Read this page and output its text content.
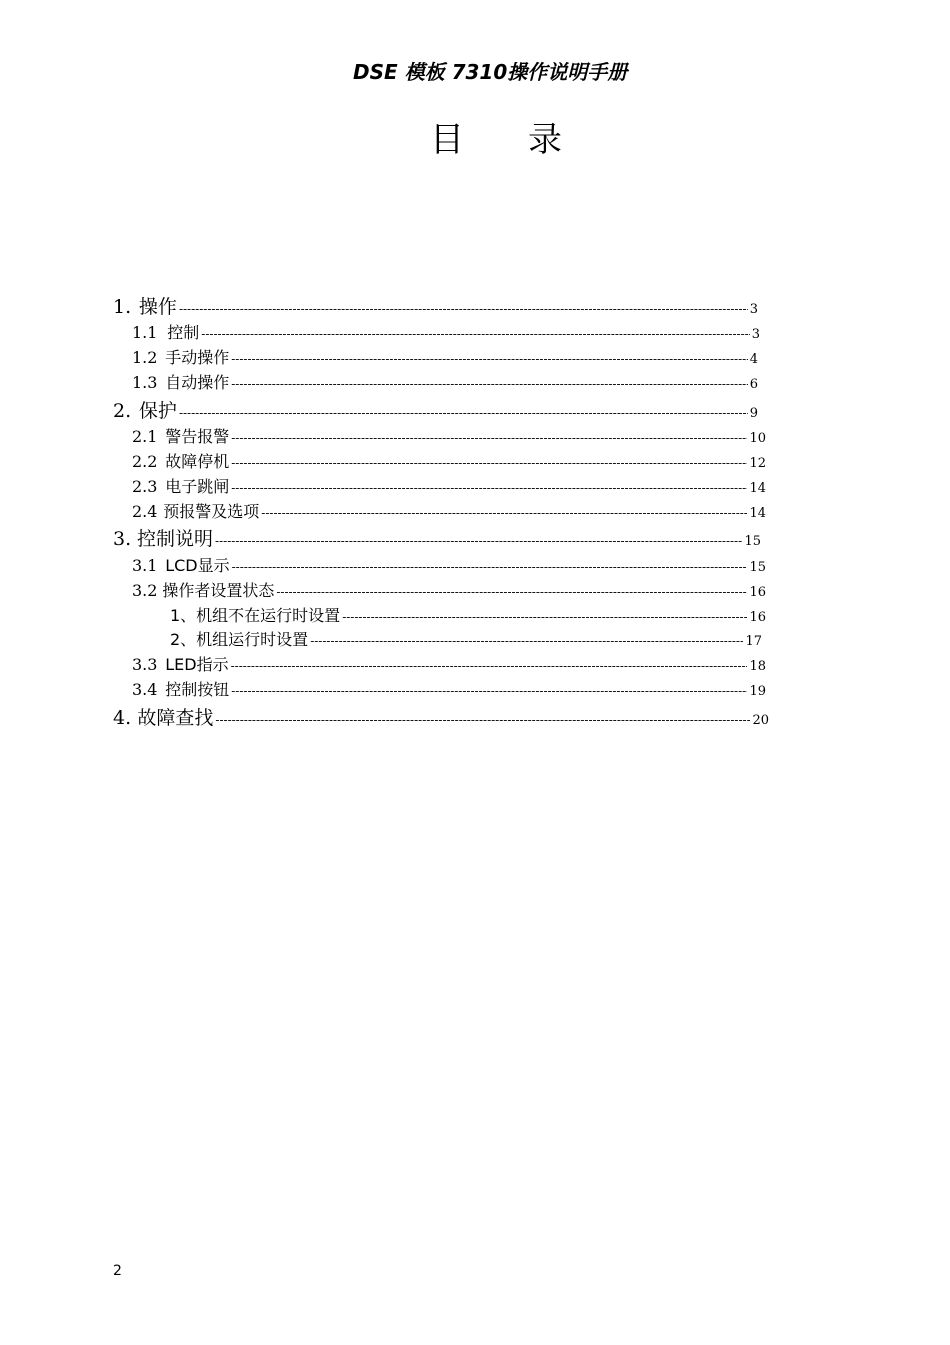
DSE 模板 7310操作说明手册
目录
1. 操作 -----	3
1.1 控制 -----	3
1.2 手动操作 -----	4
1.3 自动操作 -----	6
2. 保护 -----	9
2.1 警告报警 -----	10
2.2 故障停机 -----	12
2.3 电子跳闸 -----	14
2.4 预报警及选项 -----	14
3. 控制说明 -----	15
3.1 LCD显示 -----	15
3.2 操作者设置状态 -----	16
1、机组不在运行时设置 -----	16
2、机组运行时设置 -----	17
3.3 LED指示 -----	18
3.4 控制按钮 -----	19
4. 故障查找 -----	20
2
